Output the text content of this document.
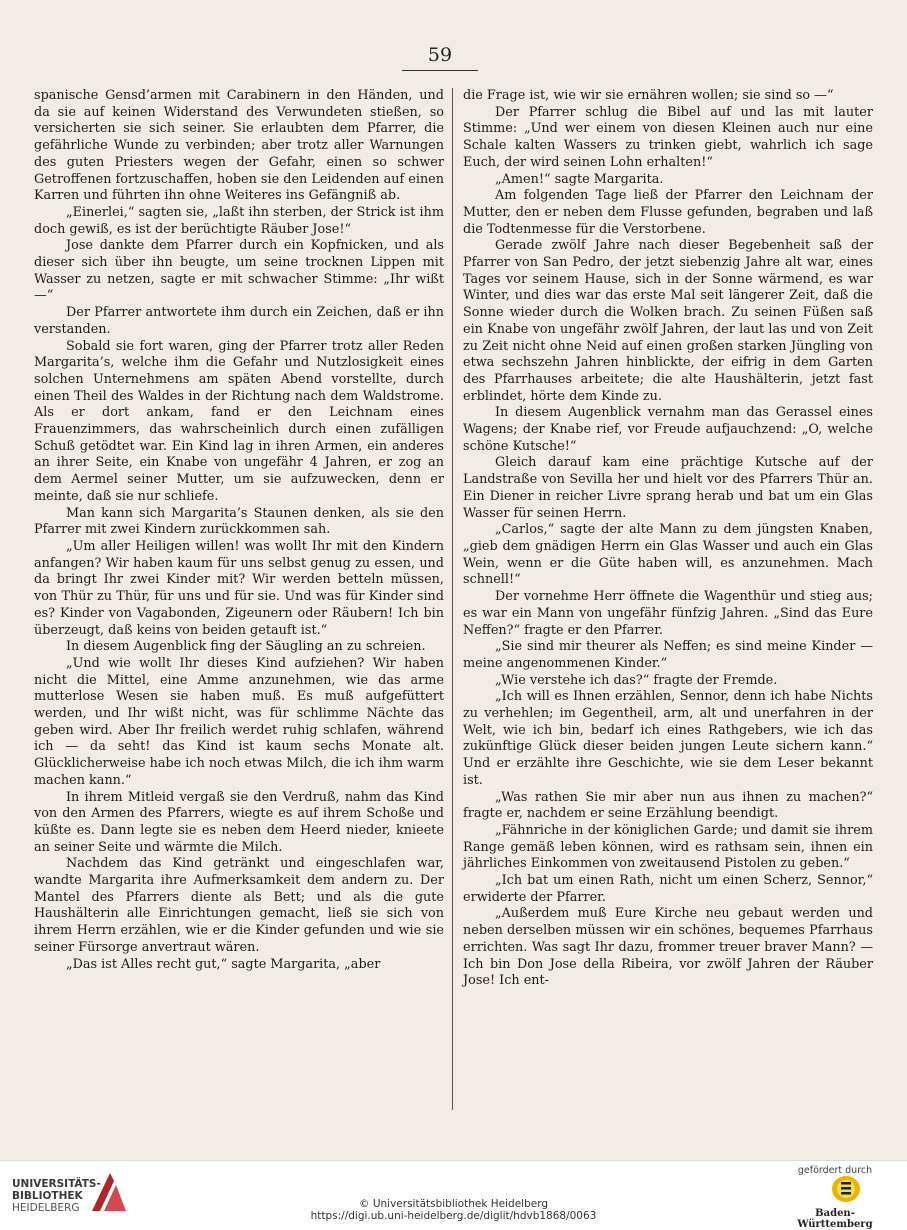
59

spanische Gensd’armen mit Carabinern in den Händen, und da sie auf keinen Widerstand des Verwundeten stießen, so versicherten sie sich seiner. Sie erlaubten dem Pfarrer, die gefährliche Wunde zu verbinden; aber trotz aller Warnungen des guten Priesters wegen der Gefahr, einen so schwer Getroffenen fortzuschaffen, hoben sie den Leidenden auf einen Karren und führten ihn ohne Weiteres ins Gefängniß ab.

„Einerlei,“ sagten sie, „laßt ihn sterben, der Strick ist ihm doch gewiß, es ist der berüchtigte Räuber Jose!“

Jose dankte dem Pfarrer durch ein Kopfnicken, und als dieser sich über ihn beugte, um seine trocknen Lippen mit Wasser zu netzen, sagte er mit schwacher Stimme: „Ihr wißt —“

Der Pfarrer antwortete ihm durch ein Zeichen, daß er ihn verstanden.

Sobald sie fort waren, ging der Pfarrer trotz aller Reden Margarita’s, welche ihm die Gefahr und Nutzlosigkeit eines solchen Unternehmens am späten Abend vorstellte, durch einen Theil des Waldes in der Richtung nach dem Waldstrome. Als er dort ankam, fand er den Leichnam eines Frauenzimmers, das wahrscheinlich durch einen zufälligen Schuß getödtet war. Ein Kind lag in ihren Armen, ein anderes an ihrer Seite, ein Knabe von ungefähr 4 Jahren, er zog an dem Aermel seiner Mutter, um sie aufzuwecken, denn er meinte, daß sie nur schliefe.

Man kann sich Margarita’s Staunen denken, als sie den Pfarrer mit zwei Kindern zurückkommen sah.

„Um aller Heiligen willen! was wollt Ihr mit den Kindern anfangen? Wir haben kaum für uns selbst genug zu essen, und da bringt Ihr zwei Kinder mit? Wir werden betteln müssen, von Thür zu Thür, für uns und für sie. Und was für Kinder sind es? Kinder von Vagabonden, Zigeunern oder Räubern! Ich bin überzeugt, daß keins von beiden getauft ist.“

In diesem Augenblick fing der Säugling an zu schreien.

„Und wie wollt Ihr dieses Kind aufziehen? Wir haben nicht die Mittel, eine Amme anzunehmen, wie das arme mutterlose Wesen sie haben muß. Es muß aufgefüttert werden, und Ihr wißt nicht, was für schlimme Nächte das geben wird. Aber Ihr freilich werdet ruhig schlafen, während ich — da seht! das Kind ist kaum sechs Monate alt. Glücklicherweise habe ich noch etwas Milch, die ich ihm warm machen kann.“

In ihrem Mitleid vergaß sie den Verdruß, nahm das Kind von den Armen des Pfarrers, wiegte es auf ihrem Schoße und küßte es. Dann legte sie es neben dem Heerd nieder, knieete an seiner Seite und wärmte die Milch.

Nachdem das Kind getränkt und eingeschlafen war, wandte Margarita ihre Aufmerksamkeit dem andern zu. Der Mantel des Pfarrers diente als Bett; und als die gute Haushälterin alle Einrichtungen gemacht, ließ sie sich von ihrem Herrn erzählen, wie er die Kinder gefunden und wie sie seiner Fürsorge anvertraut wären.

„Das ist Alles recht gut,“ sagte Margarita, „aber

die Frage ist, wie wir sie ernähren wollen; sie sind so —“

Der Pfarrer schlug die Bibel auf und las mit lauter Stimme: „Und wer einem von diesen Kleinen auch nur eine Schale kalten Wassers zu trinken giebt, wahrlich ich sage Euch, der wird seinen Lohn erhalten!“

„Amen!“ sagte Margarita.

Am folgenden Tage ließ der Pfarrer den Leichnam der Mutter, den er neben dem Flusse gefunden, begraben und laß die Todtenmesse für die Verstorbene.

Gerade zwölf Jahre nach dieser Begebenheit saß der Pfarrer von San Pedro, der jetzt siebenzig Jahre alt war, eines Tages vor seinem Hause, sich in der Sonne wärmend, es war Winter, und dies war das erste Mal seit längerer Zeit, daß die Sonne wieder durch die Wolken brach. Zu seinen Füßen saß ein Knabe von ungefähr zwölf Jahren, der laut las und von Zeit zu Zeit nicht ohne Neid auf einen großen starken Jüngling von etwa sechszehn Jahren hinblickte, der eifrig in dem Garten des Pfarrhauses arbeitete; die alte Haushälterin, jetzt fast erblindet, hörte dem Kinde zu.

In diesem Augenblick vernahm man das Gerassel eines Wagens; der Knabe rief, vor Freude aufjauchzend: „O, welche schöne Kutsche!“

Gleich darauf kam eine prächtige Kutsche auf der Landstraße von Sevilla her und hielt vor des Pfarrers Thür an. Ein Diener in reicher Livre sprang herab und bat um ein Glas Wasser für seinen Herrn.

„Carlos,“ sagte der alte Mann zu dem jüngsten Knaben, „gieb dem gnädigen Herrn ein Glas Wasser und auch ein Glas Wein, wenn er die Güte haben will, es anzunehmen. Mach schnell!“

Der vornehme Herr öffnete die Wagenthür und stieg aus; es war ein Mann von ungefähr fünfzig Jahren. „Sind das Eure Neffen?“ fragte er den Pfarrer.

„Sie sind mir theurer als Neffen; es sind meine Kinder — meine angenommenen Kinder.“

„Wie verstehe ich das?“ fragte der Fremde.

„Ich will es Ihnen erzählen, Sennor, denn ich habe Nichts zu verhehlen; im Gegentheil, arm, alt und unerfahren in der Welt, wie ich bin, bedarf ich eines Rathgebers, wie ich das zukünftige Glück dieser beiden jungen Leute sichern kann.“ Und er erzählte ihre Geschichte, wie sie dem Leser bekannt ist.

„Was rathen Sie mir aber nun aus ihnen zu machen?“ fragte er, nachdem er seine Erzählung beendigt.

„Fähnriche in der königlichen Garde; und damit sie ihrem Range gemäß leben können, wird es rathsam sein, ihnen ein jährliches Einkommen von zweitausend Pistolen zu geben.“

„Ich bat um einen Rath, nicht um einen Scherz, Sennor,“ erwiderte der Pfarrer.

„Außerdem muß Eure Kirche neu gebaut werden und neben derselben müssen wir ein schönes, bequemes Pfarrhaus errichten. Was sagt Ihr dazu, frommer treuer braver Mann? — Ich bin Don Jose della Ribeira, vor zwölf Jahren der Räuber Jose! Ich ent-

UNIVERSITÄTS-
BIBLIOTHEK
HEIDELBERG	© Universitätsbibliothek Heidelberg
https://digi.ub.uni-heidelberg.de/diglit/hdvb1868/0063
gefördert durch
Baden-Württemberg
